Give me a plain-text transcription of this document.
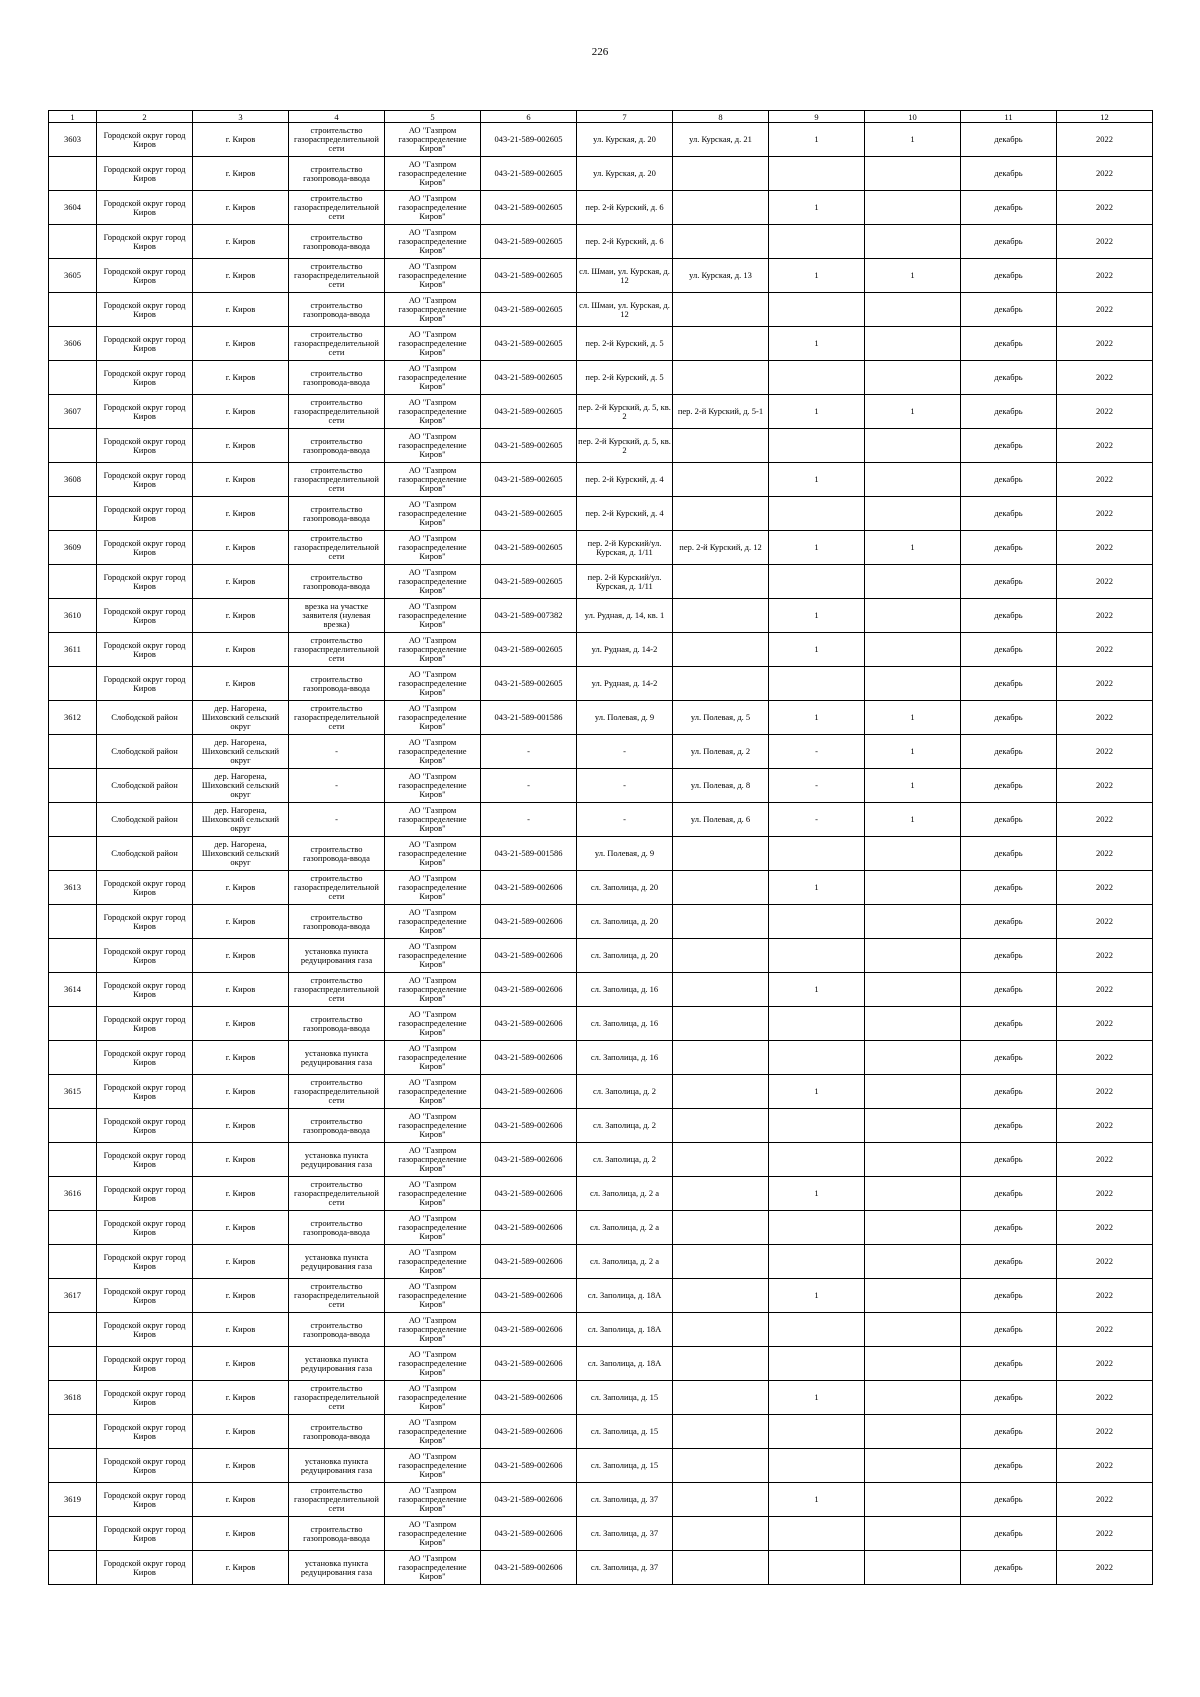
226
1	2	3	4	5	6	7	8	9	10	11	12

3603	Городской округ город Киров	г. Киров	строительство газораспределительной сети	АО "Газпром газораспределение Киров"	043-21-589-002605	ул. Курская, д. 20	ул. Курская, д. 21	1	1	декабрь	2022

	Городской округ город Киров	г. Киров	строительство газопровода-ввода	АО "Газпром газораспределение Киров"	043-21-589-002605	ул. Курская, д. 20				декабрь	2022

3604	Городской округ город Киров	г. Киров	строительство газораспределительной сети	АО "Газпром газораспределение Киров"	043-21-589-002605	пер. 2-й Курский, д. 6		1		декабрь	2022

	Городской округ город Киров	г. Киров	строительство газопровода-ввода	АО "Газпром газораспределение Киров"	043-21-589-002605	пер. 2-й Курский, д. 6				декабрь	2022

3605	Городской округ город Киров	г. Киров	строительство газораспределительной сети	АО "Газпром газораспределение Киров"	043-21-589-002605	сл. Шмаи, ул. Курская, д. 12	ул. Курская, д. 13	1	1	декабрь	2022

	Городской округ город Киров	г. Киров	строительство газопровода-ввода	АО "Газпром газораспределение Киров"	043-21-589-002605	сл. Шмаи, ул. Курская, д. 12				декабрь	2022

3606	Городской округ город Киров	г. Киров	строительство газораспределительной сети	АО "Газпром газораспределение Киров"	043-21-589-002605	пер. 2-й Курский, д. 5		1		декабрь	2022

	Городской округ город Киров	г. Киров	строительство газопровода-ввода	АО "Газпром газораспределение Киров"	043-21-589-002605	пер. 2-й Курский, д. 5				декабрь	2022

3607	Городской округ город Киров	г. Киров	строительство газораспределительной сети	АО "Газпром газораспределение Киров"	043-21-589-002605	пер. 2-й Курский, д. 5, кв. 2	пер. 2-й Курский, д. 5-1	1	1	декабрь	2022

	Городской округ город Киров	г. Киров	строительство газопровода-ввода	АО "Газпром газораспределение Киров"	043-21-589-002605	пер. 2-й Курский, д. 5, кв. 2				декабрь	2022

3608	Городской округ город Киров	г. Киров	строительство газораспределительной сети	АО "Газпром газораспределение Киров"	043-21-589-002605	пер. 2-й Курский, д. 4		1		декабрь	2022

	Городской округ город Киров	г. Киров	строительство газопровода-ввода	АО "Газпром газораспределение Киров"	043-21-589-002605	пер. 2-й Курский, д. 4				декабрь	2022

3609	Городской округ город Киров	г. Киров	строительство газораспределительной сети	АО "Газпром газораспределение Киров"	043-21-589-002605	пер. 2-й Курский/ул. Курская, д. 1/11	пер. 2-й Курский, д. 12	1	1	декабрь	2022

	Городской округ город Киров	г. Киров	строительство газопровода-ввода	АО "Газпром газораспределение Киров"	043-21-589-002605	пер. 2-й Курский/ул. Курская, д. 1/11				декабрь	2022

3610	Городской округ город Киров	г. Киров	врезка на участке заявителя (нулевая врезка)	АО "Газпром газораспределение Киров"	043-21-589-007382	ул. Рудная, д. 14, кв. 1		1		декабрь	2022

3611	Городской округ город Киров	г. Киров	строительство газораспределительной сети	АО "Газпром газораспределение Киров"	043-21-589-002605	ул. Рудная, д. 14-2		1		декабрь	2022

	Городской округ город Киров	г. Киров	строительство газопровода-ввода	АО "Газпром газораспределение Киров"	043-21-589-002605	ул. Рудная, д. 14-2				декабрь	2022

3612	Слободской район	дер. Нагорена, Шиховский сельский округ	строительство газораспределительной сети	АО "Газпром газораспределение Киров"	043-21-589-001586	ул. Полевая, д. 9	ул. Полевая, д. 5	1	1	декабрь	2022

	Слободской район	дер. Нагорена, Шиховский сельский округ	-	АО "Газпром газораспределение Киров"	-	-	ул. Полевая, д. 2	-	1	декабрь	2022

	Слободской район	дер. Нагорена, Шиховский сельский округ	-	АО "Газпром газораспределение Киров"	-	-	ул. Полевая, д. 8	-	1	декабрь	2022

	Слободской район	дер. Нагорена, Шиховский сельский округ	-	АО "Газпром газораспределение Киров"	-	-	ул. Полевая, д. 6	-	1	декабрь	2022

	Слободской район	дер. Нагорена, Шиховский сельский округ	строительство газопровода-ввода	АО "Газпром газораспределение Киров"	043-21-589-001586	ул. Полевая, д. 9				декабрь	2022

3613	Городской округ город Киров	г. Киров	строительство газораспределительной сети	АО "Газпром газораспределение Киров"	043-21-589-002606	сл. Заполица, д. 20		1		декабрь	2022

	Городской округ город Киров	г. Киров	строительство газопровода-ввода	АО "Газпром газораспределение Киров"	043-21-589-002606	сл. Заполица, д. 20				декабрь	2022

	Городской округ город Киров	г. Киров	установка пункта редуцирования газа	АО "Газпром газораспределение Киров"	043-21-589-002606	сл. Заполица, д. 20				декабрь	2022

3614	Городской округ город Киров	г. Киров	строительство газораспределительной сети	АО "Газпром газораспределение Киров"	043-21-589-002606	сл. Заполица, д. 16		1		декабрь	2022

	Городской округ город Киров	г. Киров	строительство газопровода-ввода	АО "Газпром газораспределение Киров"	043-21-589-002606	сл. Заполица, д. 16				декабрь	2022

	Городской округ город Киров	г. Киров	установка пункта редуцирования газа	АО "Газпром газораспределение Киров"	043-21-589-002606	сл. Заполица, д. 16				декабрь	2022

3615	Городской округ город Киров	г. Киров	строительство газораспределительной сети	АО "Газпром газораспределение Киров"	043-21-589-002606	сл. Заполица, д. 2		1		декабрь	2022

	Городской округ город Киров	г. Киров	строительство газопровода-ввода	АО "Газпром газораспределение Киров"	043-21-589-002606	сл. Заполица, д. 2				декабрь	2022

	Городской округ город Киров	г. Киров	установка пункта редуцирования газа	АО "Газпром газораспределение Киров"	043-21-589-002606	сл. Заполица, д. 2				декабрь	2022

3616	Городской округ город Киров	г. Киров	строительство газораспределительной сети	АО "Газпром газораспределение Киров"	043-21-589-002606	сл. Заполица, д. 2 а		1		декабрь	2022

	Городской округ город Киров	г. Киров	строительство газопровода-ввода	АО "Газпром газораспределение Киров"	043-21-589-002606	сл. Заполица, д. 2 а				декабрь	2022

	Городской округ город Киров	г. Киров	установка пункта редуцирования газа	АО "Газпром газораспределение Киров"	043-21-589-002606	сл. Заполица, д. 2 а				декабрь	2022

3617	Городской округ город Киров	г. Киров	строительство газораспределительной сети	АО "Газпром газораспределение Киров"	043-21-589-002606	сл. Заполица, д. 18А		1		декабрь	2022

	Городской округ город Киров	г. Киров	строительство газопровода-ввода	АО "Газпром газораспределение Киров"	043-21-589-002606	сл. Заполица, д. 18А				декабрь	2022

	Городской округ город Киров	г. Киров	установка пункта редуцирования газа	АО "Газпром газораспределение Киров"	043-21-589-002606	сл. Заполица, д. 18А				декабрь	2022

3618	Городской округ город Киров	г. Киров	строительство газораспределительной сети	АО "Газпром газораспределение Киров"	043-21-589-002606	сл. Заполица, д. 15		1		декабрь	2022

	Городской округ город Киров	г. Киров	строительство газопровода-ввода	АО "Газпром газораспределение Киров"	043-21-589-002606	сл. Заполица, д. 15				декабрь	2022

	Городской округ город Киров	г. Киров	установка пункта редуцирования газа	АО "Газпром газораспределение Киров"	043-21-589-002606	сл. Заполица, д. 15				декабрь	2022

3619	Городской округ город Киров	г. Киров	строительство газораспределительной сети	АО "Газпром газораспределение Киров"	043-21-589-002606	сл. Заполица, д. 37		1		декабрь	2022

	Городской округ город Киров	г. Киров	строительство газопровода-ввода	АО "Газпром газораспределение Киров"	043-21-589-002606	сл. Заполица, д. 37				декабрь	2022

	Городской округ город Киров	г. Киров	установка пункта редуцирования газа	АО "Газпром газораспределение Киров"	043-21-589-002606	сл. Заполица, д. 37				декабрь	2022
